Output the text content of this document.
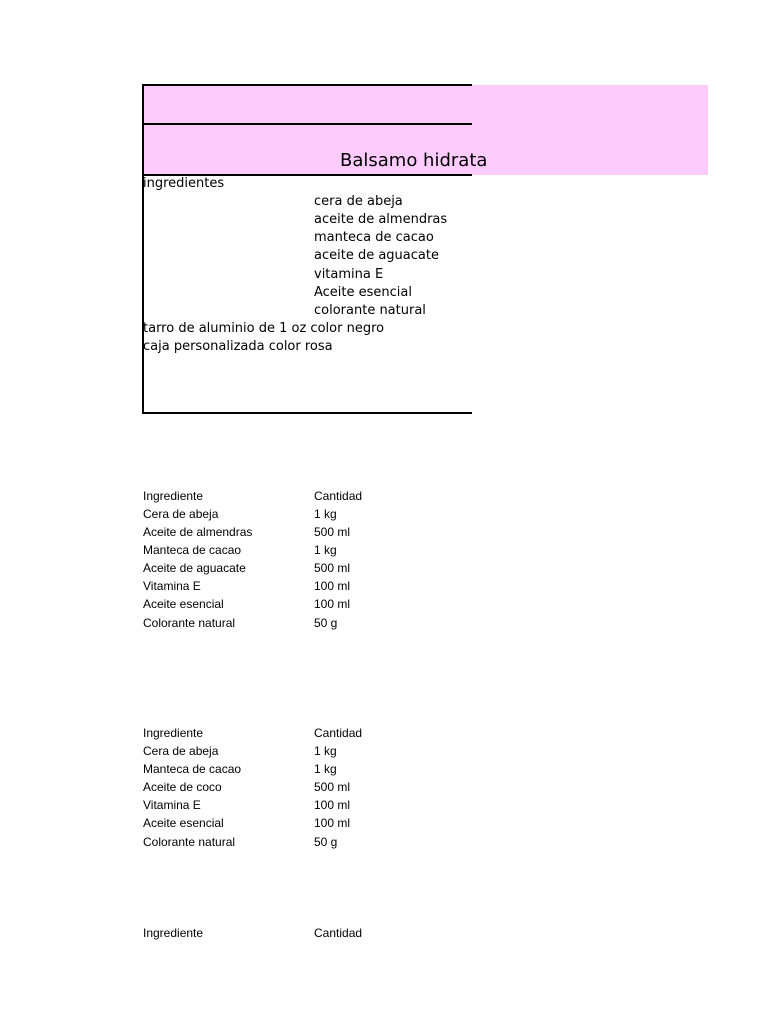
Balsamo hidrata
ingredientes
cera de abeja
aceite de almendras
manteca de cacao
aceite de aguacate
vitamina E
Aceite esencial
colorante natural
tarro de aluminio de 1 oz color negro
caja personalizada color rosa
Ingrediente	Cantidad
Cera de abeja	1 kg
Aceite de almendras	500 ml
Manteca de cacao	1 kg
Aceite de aguacate	500 ml
Vitamina E	100 ml
Aceite esencial	100 ml
Colorante natural	50 g
Ingrediente	Cantidad
Cera de abeja	1 kg
Manteca de cacao	1 kg
Aceite de coco	500 ml
Vitamina E	100 ml
Aceite esencial	100 ml
Colorante natural	50 g
Ingrediente	Cantidad
